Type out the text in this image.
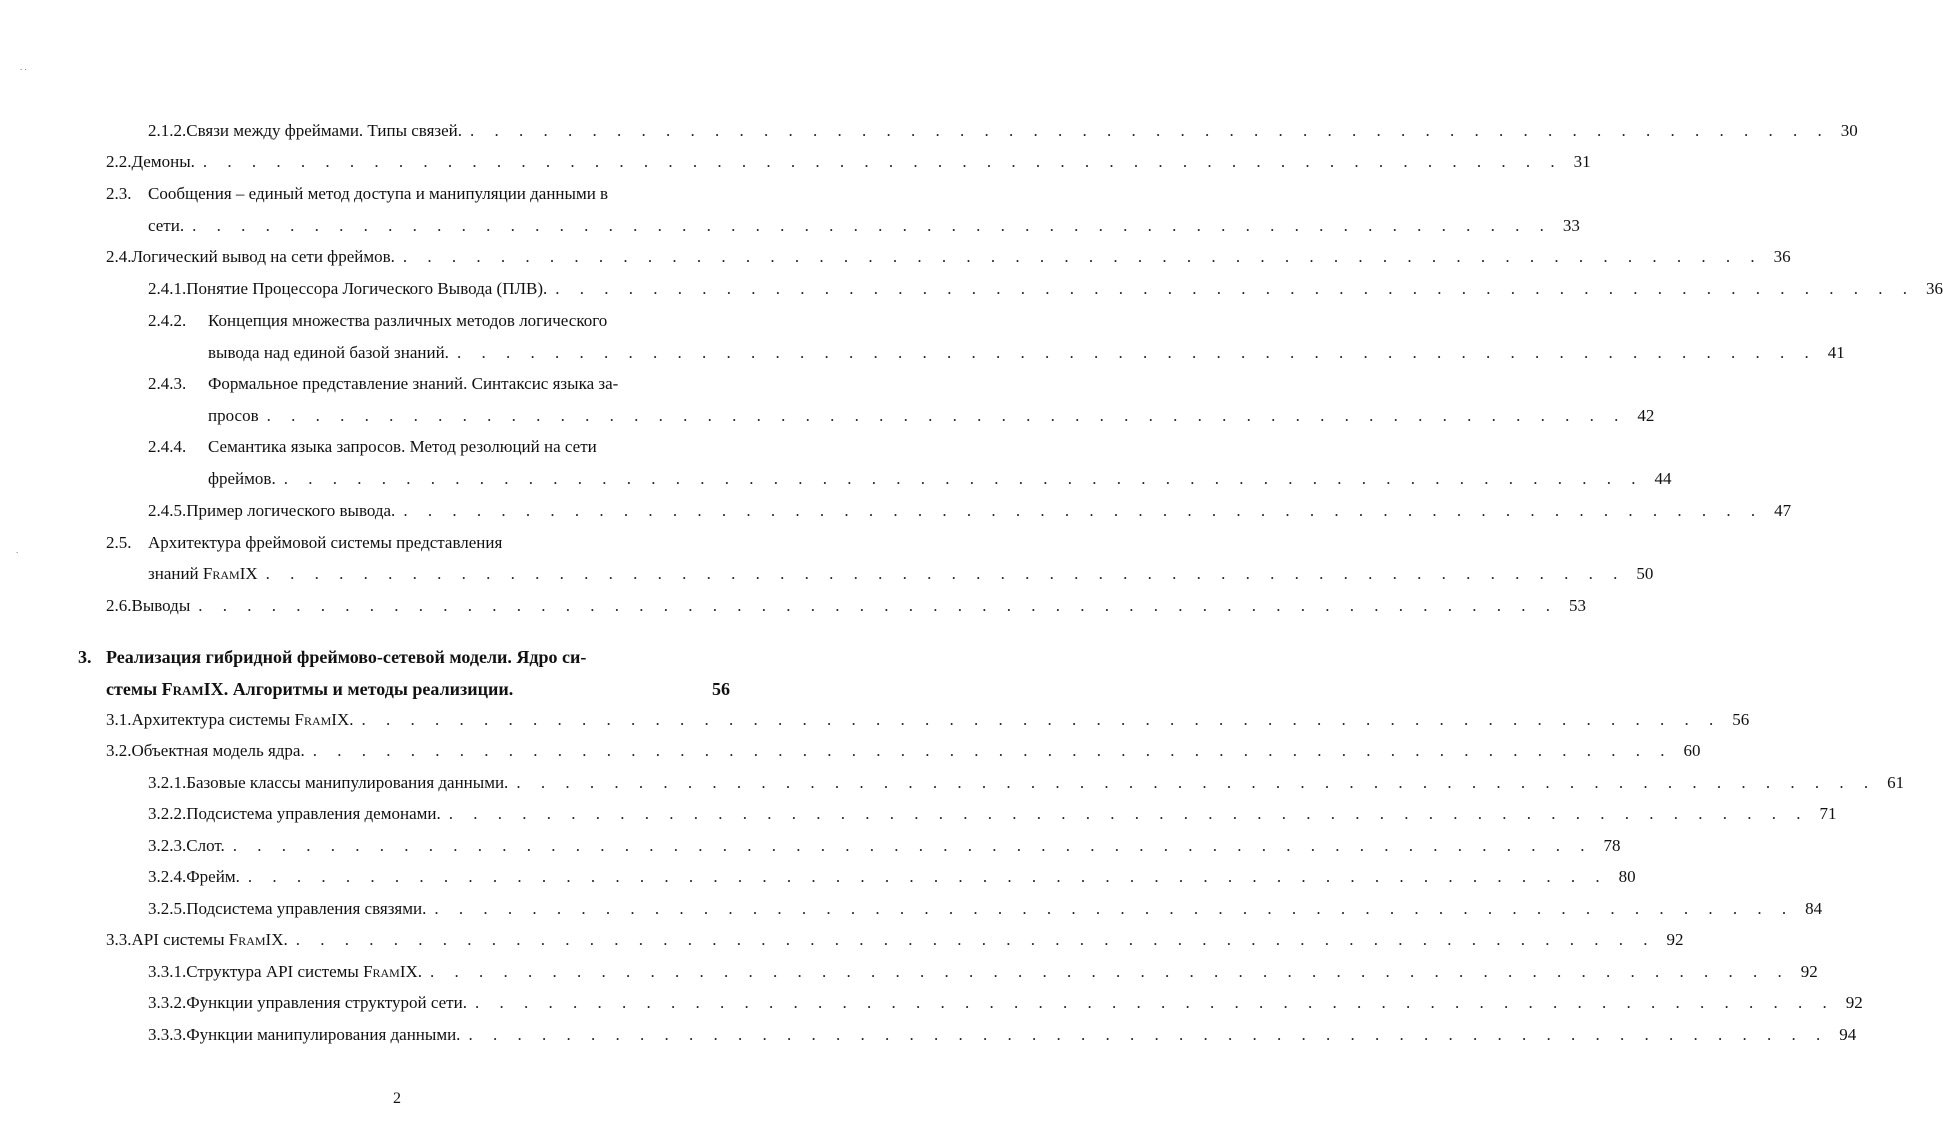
. .
.
2.1.2. Связи между фреймами. Типы связей. . . . . . . . . . . . . . . . . . . . . . . . . . . . . . . . . . . . . . . . . . . . . . . . . . . . . . . . . 30
2.2. Демоны. . . . . . . . . . . . . . . . . . . . . . . . . . . . . . . . . . . . . . . . . . . . . . . . . . . . . . . . . 31
2.3. Сообщения – единый метод доступа и манипуляции данными в
сети. . . . . . . . . . . . . . . . . . . . . . . . . . . . . . . . . . . . . . . . . . . . . . . . . . . . . . . . . 33
2.4. Логический вывод на сети фреймов. . . . . . . . . . . . . . . . . . . . . . . . . . . . . . . . . . . . . . . . . . . . . . . . . . . . . . . . . 36
2.4.1. Понятие Процессора Логического Вывода (ПЛВ). . . . . . . . . . . . . . . . . . . . . . . . . . . . . . . . . . . . . . . . . . . . . . . . . . . . . . . . . 36
2.4.2. Концепция множества различных методов логического
вывода над единой базой знаний. . . . . . . . . . . . . . . . . . . . . . . . . . . . . . . . . . . . . . . . . . . . . . . . . . . . . . . . . 41
2.4.3. Формальное представление знаний. Синтаксис языка за-
просов . . . . . . . . . . . . . . . . . . . . . . . . . . . . . . . . . . . . . . . . . . . . . . . . . . . . . . . . 42
2.4.4. Семантика языка запросов. Метод резолюций на сети
фреймов. . . . . . . . . . . . . . . . . . . . . . . . . . . . . . . . . . . . . . . . . . . . . . . . . . . . . . . . . 44
2.4.5. Пример логического вывода. . . . . . . . . . . . . . . . . . . . . . . . . . . . . . . . . . . . . . . . . . . . . . . . . . . . . . . . . 47
2.5. Архитектура фреймовой системы представления
знаний FramIX . . . . . . . . . . . . . . . . . . . . . . . . . . . . . . . . . . . . . . . . . . . . . . . . . . . . . . . . 50
2.6. Выводы . . . . . . . . . . . . . . . . . . . . . . . . . . . . . . . . . . . . . . . . . . . . . . . . . . . . . . . . 53
3. Реализация гибридной фреймово-сетевой модели. Ядро си-
стемы FramIX. Алгоритмы и методы реализиции.	56
3.1. Архитектура системы FramIX. . . . . . . . . . . . . . . . . . . . . . . . . . . . . . . . . . . . . . . . . . . . . . . . . . . . . . . . . 56
3.2. Объектная модель ядра. . . . . . . . . . . . . . . . . . . . . . . . . . . . . . . . . . . . . . . . . . . . . . . . . . . . . . . . . 60
3.2.1. Базовые классы манипулирования данными. . . . . . . . . . . . . . . . . . . . . . . . . . . . . . . . . . . . . . . . . . . . . . . . . . . . . . . . . 61
3.2.2. Подсистема управления демонами. . . . . . . . . . . . . . . . . . . . . . . . . . . . . . . . . . . . . . . . . . . . . . . . . . . . . . . . . 71
3.2.3. Слот. . . . . . . . . . . . . . . . . . . . . . . . . . . . . . . . . . . . . . . . . . . . . . . . . . . . . . . . . 78
3.2.4. Фрейм. . . . . . . . . . . . . . . . . . . . . . . . . . . . . . . . . . . . . . . . . . . . . . . . . . . . . . . . . 80
3.2.5. Подсистема управления связями. . . . . . . . . . . . . . . . . . . . . . . . . . . . . . . . . . . . . . . . . . . . . . . . . . . . . . . . . 84
3.3. API системы FramIX. . . . . . . . . . . . . . . . . . . . . . . . . . . . . . . . . . . . . . . . . . . . . . . . . . . . . . . . . 92
3.3.1. Структура API системы FramIX. . . . . . . . . . . . . . . . . . . . . . . . . . . . . . . . . . . . . . . . . . . . . . . . . . . . . . . . . 92
3.3.2. Функции управления структурой сети. . . . . . . . . . . . . . . . . . . . . . . . . . . . . . . . . . . . . . . . . . . . . . . . . . . . . . . . . 92
3.3.3. Функции манипулирования данными. . . . . . . . . . . . . . . . . . . . . . . . . . . . . . . . . . . . . . . . . . . . . . . . . . . . . . . . . 94
2
